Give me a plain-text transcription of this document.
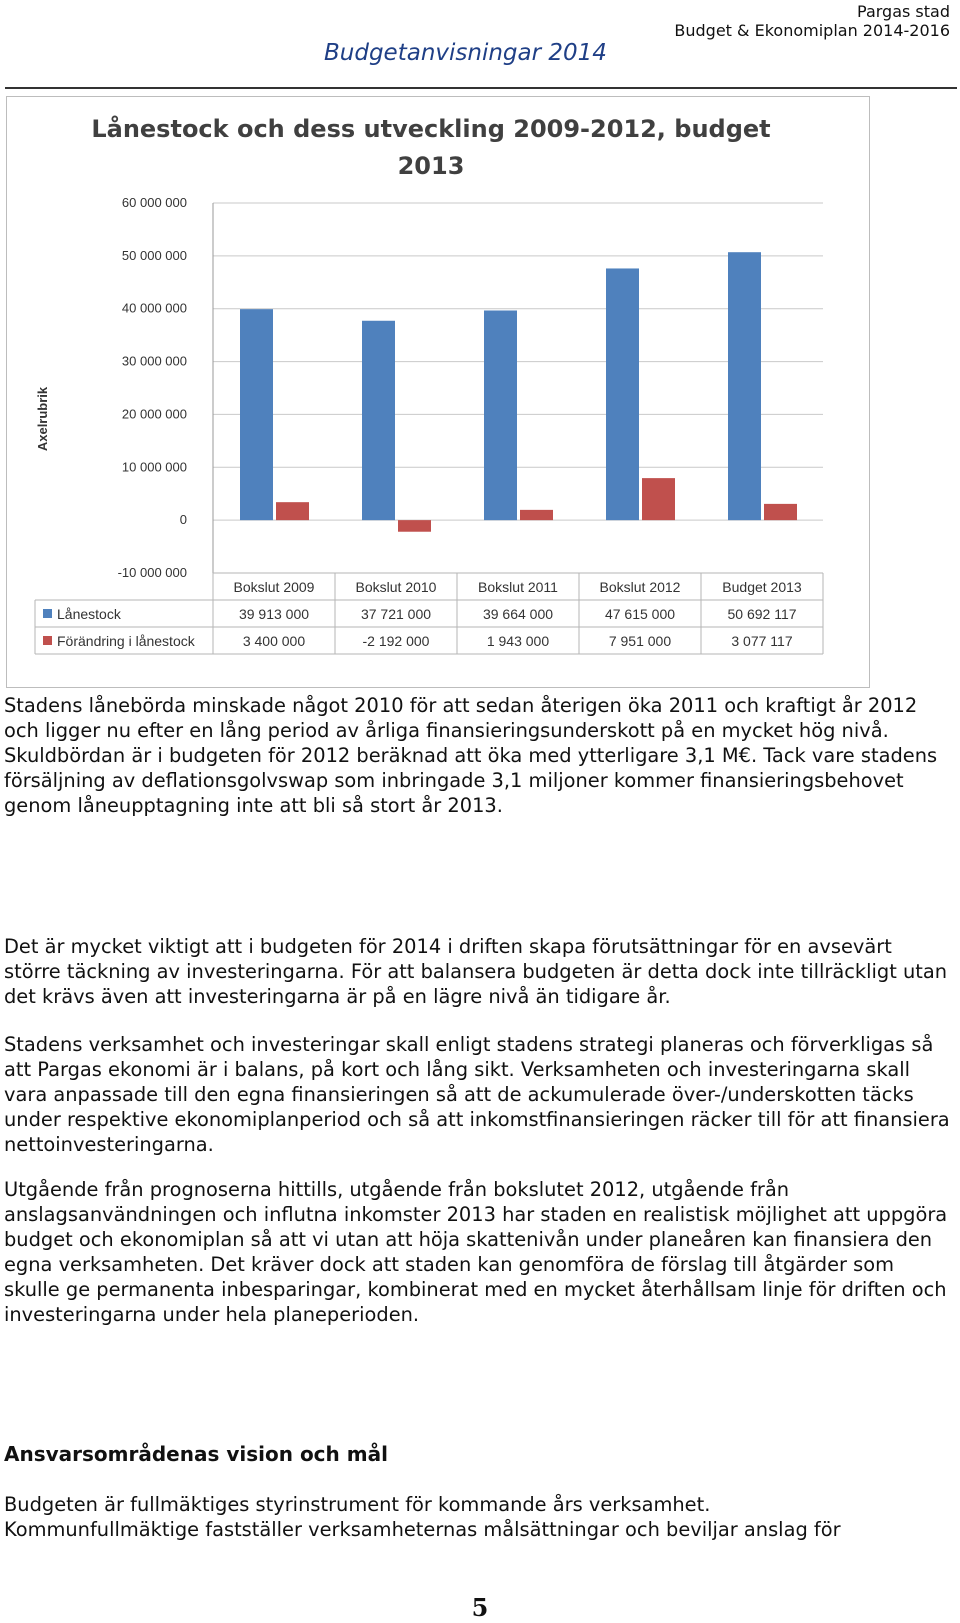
Pargas stad
Budget & Ekonomiplan 2014-2016
Budgetanvisningar 2014
Lånestock och dess utveckling 2009-2012, budget
2013
Axelrubrik
60 000 000
50 000 000
40 000 000
30 000 000
20 000 000
10 000 000
0
-10 000 000
Bokslut 2009
39 913 000
3 400 000
Bokslut 2010
37 721 000
-2 192 000
Bokslut 2011
39 664 000
1 943 000
Bokslut 2012
47 615 000
7 951 000
Budget 2013
50 692 117
3 077 117
Lånestock
Förändring i lånestock

Stadens lånebörda minskade något 2010 för att sedan återigen öka 2011 och kraftigt år 2012 och ligger nu efter en lång period av årliga finansieringsunderskott på en mycket hög nivå. Skuldbördan är i budgeten för 2012 beräknad att öka med ytterligare 3,1 M€. Tack vare stadens försäljning av deflationsgolvswap som inbringade 3,1 miljoner kommer finansieringsbehovet genom låneupptagning inte att bli så stort år 2013.

Det är mycket viktigt att i budgeten för 2014 i driften skapa förutsättningar för en avsevärt större täckning av investeringarna. För att balansera budgeten är detta dock inte tillräckligt utan det krävs även att investeringarna är på en lägre nivå än tidigare år.

Stadens verksamhet och investeringar skall enligt stadens strategi planeras och förverkligas så att Pargas ekonomi är i balans, på kort och lång sikt. Verksamheten och investeringarna skall vara anpassade till den egna finansieringen så att de ackumulerade över-/underskotten täcks under respektive ekonomiplanperiod och så att inkomstfinansieringen räcker till för att finansiera nettoinvesteringarna.

Utgående från prognoserna hittills, utgående från bokslutet 2012, utgående från anslagsanvändningen och influtna inkomster 2013 har staden en realistisk möjlighet att uppgöra budget och ekonomiplan så att vi utan att höja skattenivån under planeåren kan finansiera den egna verksamheten. Det kräver dock att staden kan genomföra de förslag till åtgärder som skulle ge permanenta inbesparingar, kombinerat med en mycket återhållsam linje för driften och investeringarna under hela planeperioden.

Ansvarsområdenas vision och mål

Budgeten är fullmäktiges styrinstrument för kommande års verksamhet.

Kommunfullmäktige fastställer verksamheternas målsättningar och beviljar anslag för

5
